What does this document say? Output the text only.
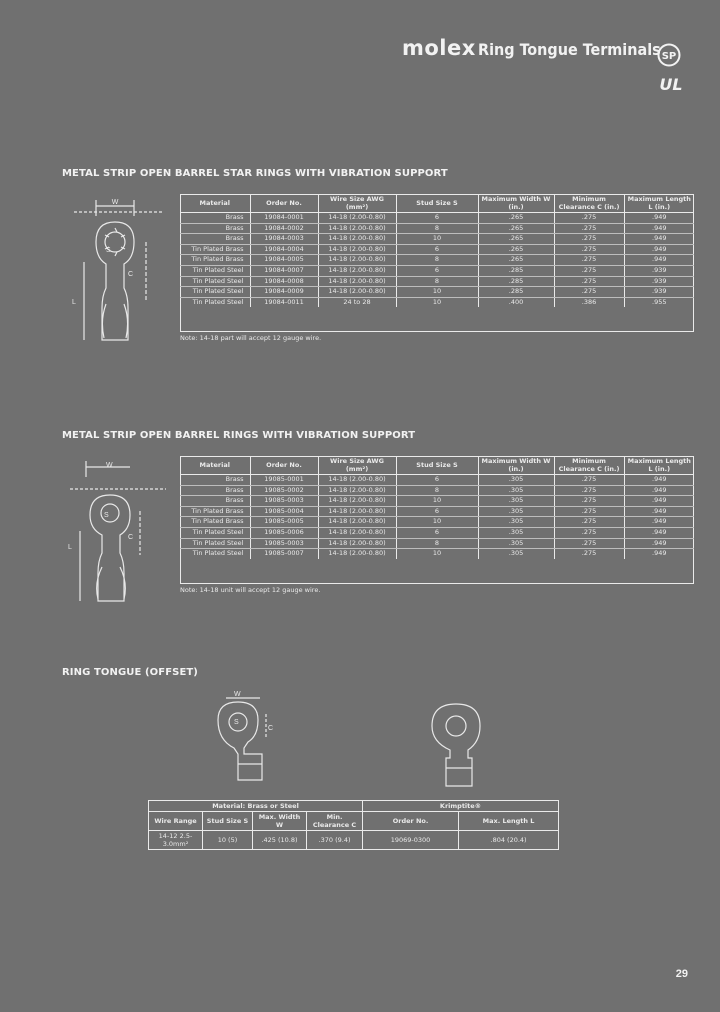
molex Ring Tongue Terminals SP
UL
METAL STRIP OPEN BARREL STAR RINGS WITH VIBRATION SUPPORT
W
S
C
L
Material	Order No.	Wire Size AWG (mm²)	Stud Size S	Maximum Width W (in.)	Minimum Clearance C (in.)	Maximum Length L (in.)
Brass	19084-0001	14-18 (2.00-0.80)	6	.265	.275	.949
Brass	19084-0002	14-18 (2.00-0.80)	8	.265	.275	.949
Brass	19084-0003	14-18 (2.00-0.80)	10	.265	.275	.949
Tin Plated Brass	19084-0004	14-18 (2.00-0.80)	6	.265	.275	.949
Tin Plated Brass	19084-0005	14-18 (2.00-0.80)	8	.265	.275	.949
Tin Plated Steel	19084-0007	14-18 (2.00-0.80)	6	.285	.275	.939
Tin Plated Steel	19084-0008	14-18 (2.00-0.80)	8	.285	.275	.939
Tin Plated Steel	19084-0009	14-18 (2.00-0.80)	10	.285	.275	.939
Tin Plated Steel	19084-0011	24 to 28	10	.400	.386	.955
Note: 14-18 part will accept 12 gauge wire.
METAL STRIP OPEN BARREL RINGS WITH VIBRATION SUPPORT
W
S
C
L
Material	Order No.	Wire Size AWG (mm²)	Stud Size S	Maximum Width W (in.)	Minimum Clearance C (in.)	Maximum Length L (in.)
Brass	19085-0001	14-18 (2.00-0.80)	6	.305	.275	.949
Brass	19085-0002	14-18 (2.00-0.80)	8	.305	.275	.949
Brass	19085-0003	14-18 (2.00-0.80)	10	.305	.275	.949
Tin Plated Brass	19085-0004	14-18 (2.00-0.80)	6	.305	.275	.949
Tin Plated Brass	19085-0005	14-18 (2.00-0.80)	10	.305	.275	.949
Tin Plated Steel	19085-0006	14-18 (2.00-0.80)	6	.305	.275	.949
Tin Plated Steel	19085-0003	14-18 (2.00-0.80)	8	.305	.275	.949
Tin Plated Steel	19085-0007	14-18 (2.00-0.80)	10	.305	.275	.949
Note: 14-18 unit will accept 12 gauge wire.
RING TONGUE (OFFSET)
W
S
C
Material: Brass or Steel				Krimptite®	
Wire Range	Stud Size S	Max. Width W	Min. Clearance C	Order No.	Max. Length L
14-12 2.5-3.0mm²	10 (5)	.425 (10.8)	.370 (9.4)	19069-0300	.804 (20.4)
29
